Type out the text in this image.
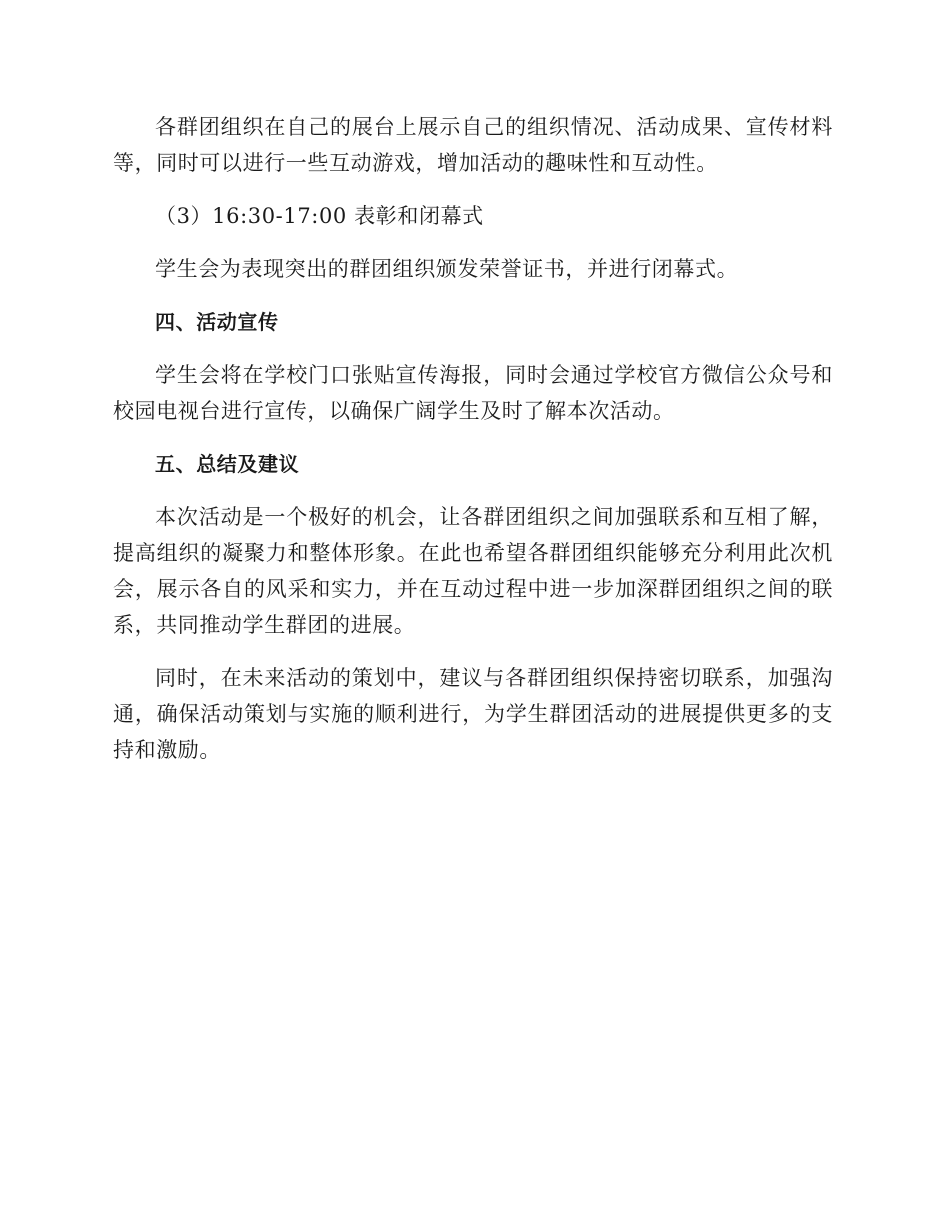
各群团组织在自己的展台上展示自己的组织情况、活动成果、宣传材料等，同时可以进行一些互动游戏，增加活动的趣味性和互动性。

（3）16:30-17:00 表彰和闭幕式

学生会为表现突出的群团组织颁发荣誉证书，并进行闭幕式。

四、活动宣传

学生会将在学校门口张贴宣传海报，同时会通过学校官方微信公众号和校园电视台进行宣传，以确保广阔学生及时了解本次活动。

五、总结及建议

本次活动是一个极好的机会，让各群团组织之间加强联系和互相了解，提高组织的凝聚力和整体形象。在此也希望各群团组织能够充分利用此次机会，展示各自的风采和实力，并在互动过程中进一步加深群团组织之间的联系，共同推动学生群团的进展。

同时，在未来活动的策划中，建议与各群团组织保持密切联系，加强沟通，确保活动策划与实施的顺利进行，为学生群团活动的进展提供更多的支持和激励。
